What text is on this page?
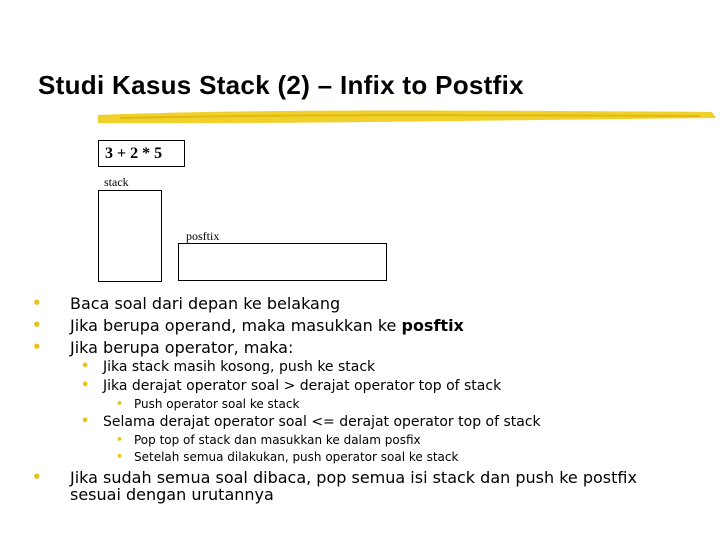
Studi Kasus Stack (2) – Infix to Postfix
3 + 2 * 5
stack
posftix
• Baca soal dari depan ke belakang
• Jika berupa operand, maka masukkan ke posftix
• Jika berupa operator, maka:
• Jika stack masih kosong, push ke stack
• Jika derajat operator soal > derajat operator top of stack
• Push operator soal ke stack
• Selama derajat operator soal <= derajat operator top of stack
• Pop top of stack dan masukkan ke dalam posfix
• Setelah semua dilakukan, push operator soal ke stack
• Jika sudah semua soal dibaca, pop semua isi stack dan push ke postfix
sesuai dengan urutannya
